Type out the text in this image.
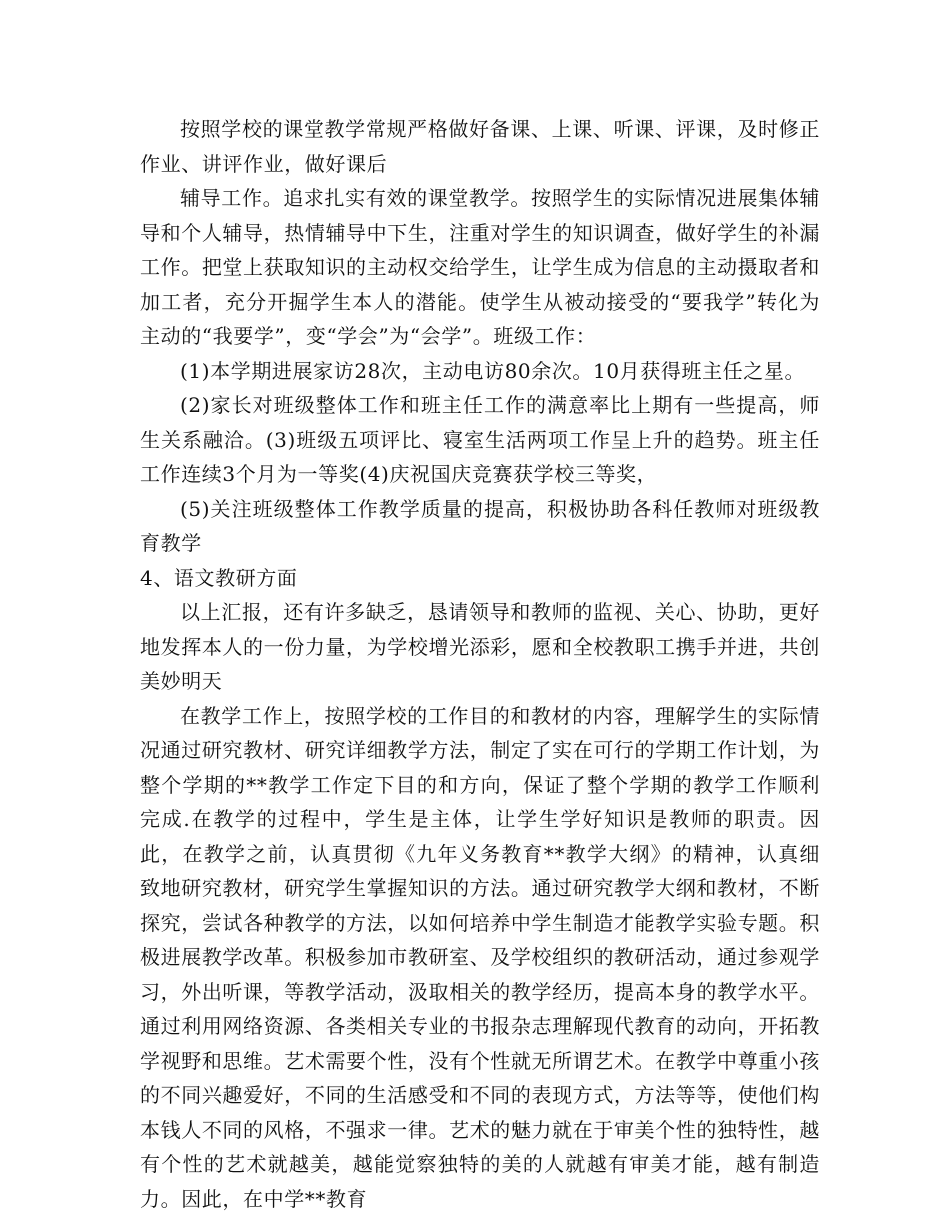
按照学校的课堂教学常规严格做好备课、上课、听课、评课，及时修正作业、讲评作业，做好课后

辅导工作。追求扎实有效的课堂教学。按照学生的实际情况进展集体辅导和个人辅导，热情辅导中下生，注重对学生的知识调查，做好学生的补漏工作。把堂上获取知识的主动权交给学生，让学生成为信息的主动摄取者和加工者，充分开掘学生本人的潜能。使学生从被动接受的“要我学”转化为主动的“我要学”，变“学会”为“会学”。班级工作：

(1)本学期进展家访28次，主动电访80余次。10月获得班主任之星。

(2)家长对班级整体工作和班主任工作的满意率比上期有一些提高，师生关系融洽。(3)班级五项评比、寝室生活两项工作呈上升的趋势。班主任工作连续3个月为一等奖(4)庆祝国庆竞赛获学校三等奖，

(5)关注班级整体工作教学质量的提高，积极协助各科任教师对班级教育教学

4、语文教研方面

以上汇报，还有许多缺乏，恳请领导和教师的监视、关心、协助，更好地发挥本人的一份力量，为学校增光添彩，愿和全校教职工携手并进，共创美妙明天

在教学工作上，按照学校的工作目的和教材的内容，理解学生的实际情况通过研究教材、研究详细教学方法，制定了实在可行的学期工作计划，为整个学期的**教学工作定下目的和方向，保证了整个学期的教学工作顺利完成.在教学的过程中，学生是主体，让学生学好知识是教师的职责。因此，在教学之前，认真贯彻《九年义务教育**教学大纲》的精神，认真细致地研究教材，研究学生掌握知识的方法。通过研究教学大纲和教材，不断探究，尝试各种教学的方法，以如何培养中学生制造才能教学实验专题。积极进展教学改革。积极参加市教研室、及学校组织的教研活动，通过参观学习，外出听课，等教学活动，汲取相关的教学经历，提高本身的教学水平。通过利用网络资源、各类相关专业的书报杂志理解现代教育的动向，开拓教学视野和思维。艺术需要个性，没有个性就无所谓艺术。在教学中尊重小孩的不同兴趣爱好，不同的生活感受和不同的表现方式，方法等等，使他们构本钱人不同的风格，不强求一律。艺术的魅力就在于审美个性的独特性，越有个性的艺术就越美，越能觉察独特的美的人就越有审美才能，越有制造力。因此，在中学**教育
